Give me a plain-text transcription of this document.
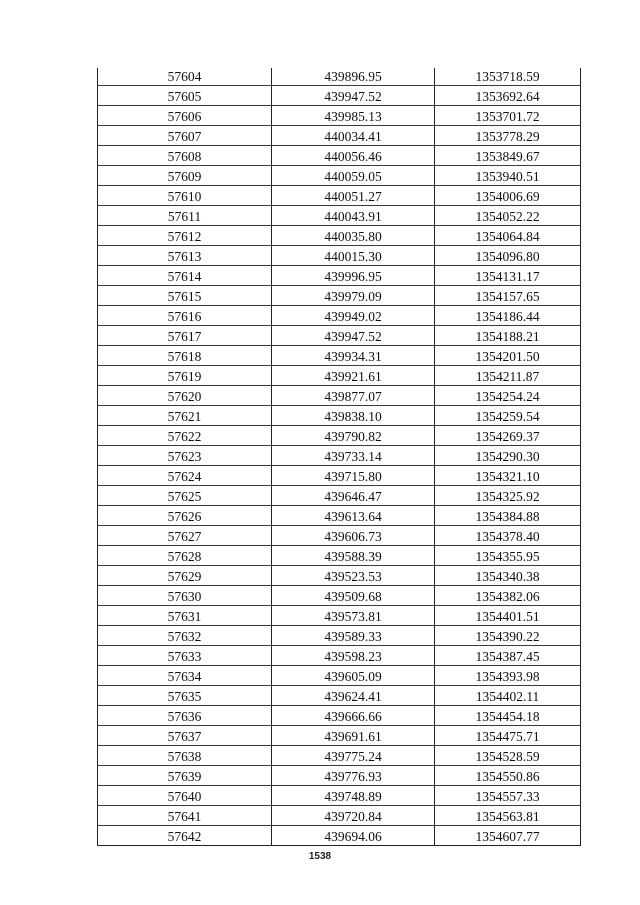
57604	439896.95	1353718.59
57605	439947.52	1353692.64
57606	439985.13	1353701.72
57607	440034.41	1353778.29
57608	440056.46	1353849.67
57609	440059.05	1353940.51
57610	440051.27	1354006.69
57611	440043.91	1354052.22
57612	440035.80	1354064.84
57613	440015.30	1354096.80
57614	439996.95	1354131.17
57615	439979.09	1354157.65
57616	439949.02	1354186.44
57617	439947.52	1354188.21
57618	439934.31	1354201.50
57619	439921.61	1354211.87
57620	439877.07	1354254.24
57621	439838.10	1354259.54
57622	439790.82	1354269.37
57623	439733.14	1354290.30
57624	439715.80	1354321.10
57625	439646.47	1354325.92
57626	439613.64	1354384.88
57627	439606.73	1354378.40
57628	439588.39	1354355.95
57629	439523.53	1354340.38
57630	439509.68	1354382.06
57631	439573.81	1354401.51
57632	439589.33	1354390.22
57633	439598.23	1354387.45
57634	439605.09	1354393.98
57635	439624.41	1354402.11
57636	439666.66	1354454.18
57637	439691.61	1354475.71
57638	439775.24	1354528.59
57639	439776.93	1354550.86
57640	439748.89	1354557.33
57641	439720.84	1354563.81
57642	439694.06	1354607.77
1538
